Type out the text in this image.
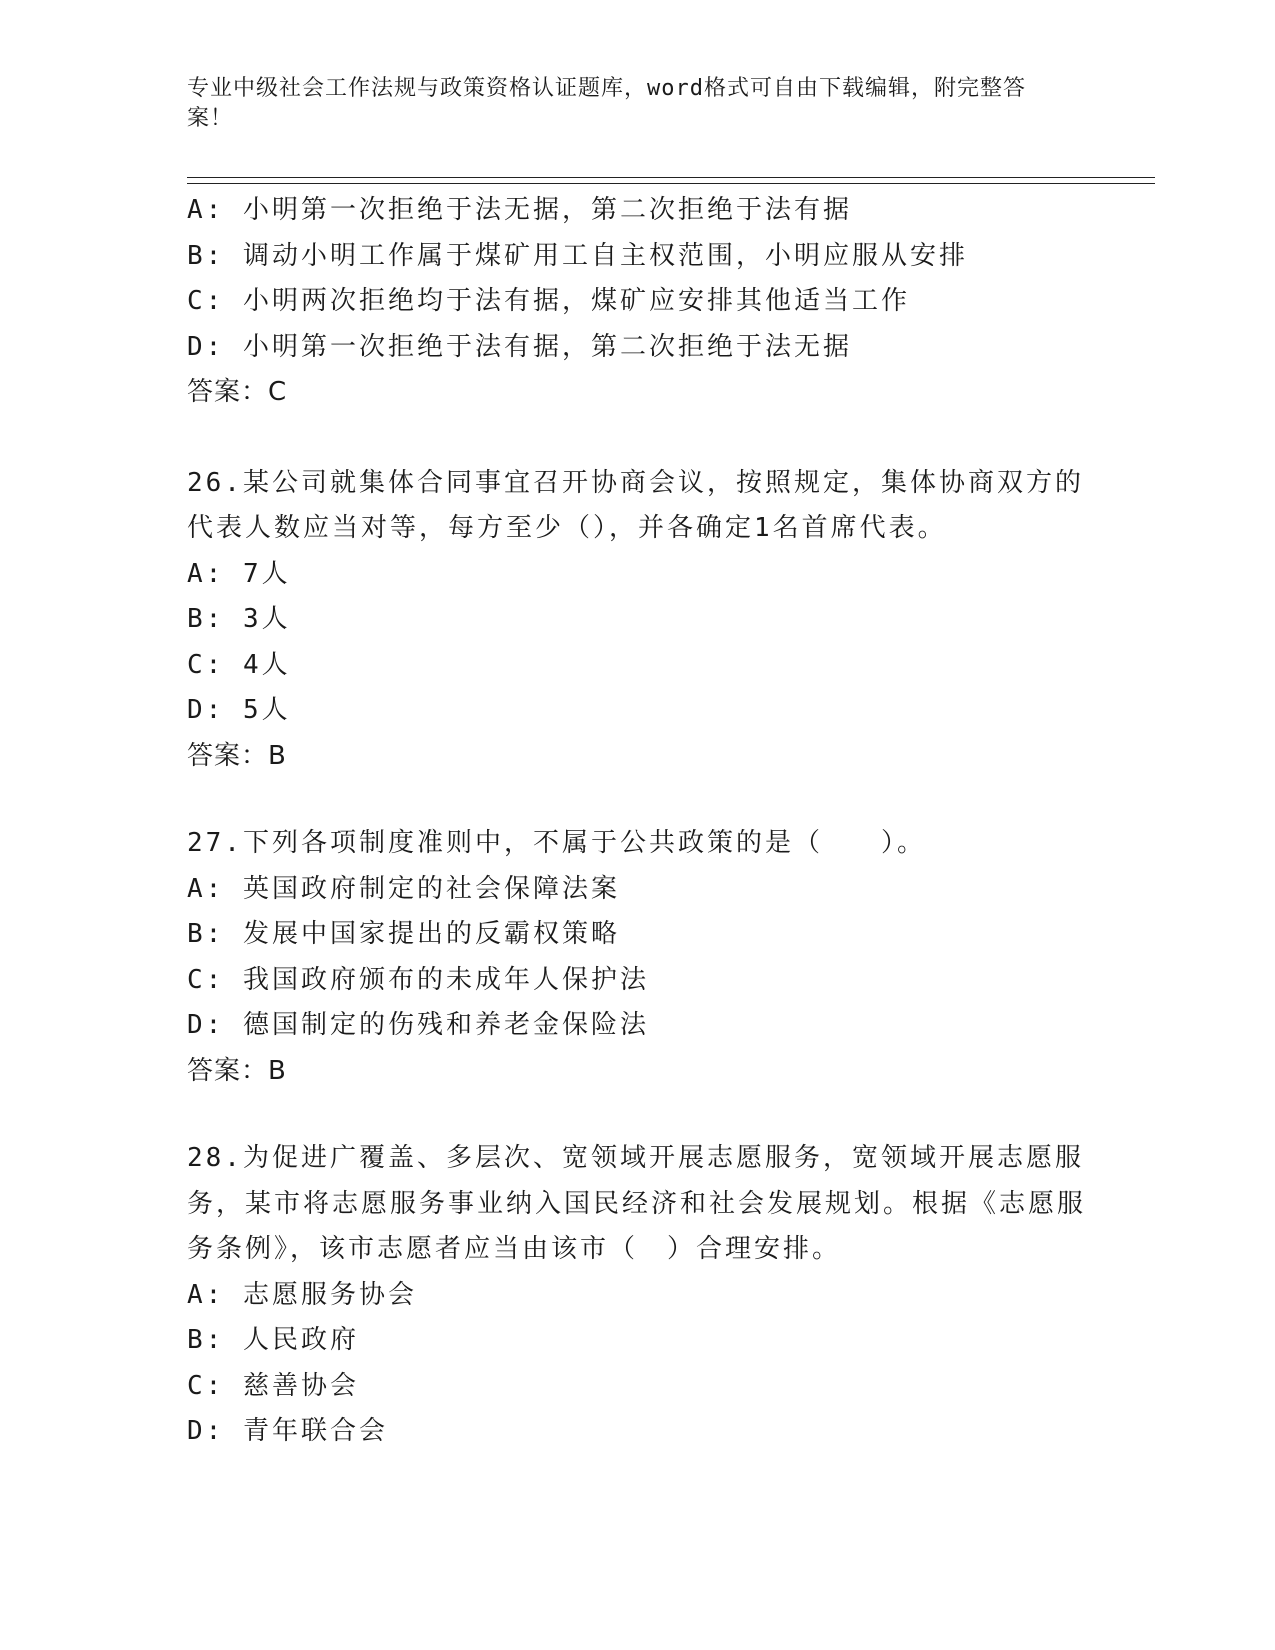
专业中级社会工作法规与政策资格认证题库，word格式可自由下载编辑，附完整答案！
A: 小明第一次拒绝于法无据，第二次拒绝于法有据
B: 调动小明工作属于煤矿用工自主权范围，小明应服从安排
C: 小明两次拒绝均于法有据，煤矿应安排其他适当工作
D: 小明第一次拒绝于法有据，第二次拒绝于法无据
答案：C
26.某公司就集体合同事宜召开协商会议，按照规定，集体协商双方的代表人数应当对等，每方至少（），并各确定1名首席代表。
A: 7人
B: 3人
C: 4人
D: 5人
答案：B
27.下列各项制度准则中，不属于公共政策的是（　　）。
A: 英国政府制定的社会保障法案
B: 发展中国家提出的反霸权策略
C: 我国政府颁布的未成年人保护法
D: 德国制定的伤残和养老金保险法
答案：B
28.为促进广覆盖、多层次、宽领域开展志愿服务，宽领域开展志愿服务，某市将志愿服务事业纳入国民经济和社会发展规划。根据《志愿服务条例》，该市志愿者应当由该市（　）合理安排。
A: 志愿服务协会
B: 人民政府
C: 慈善协会
D: 青年联合会
